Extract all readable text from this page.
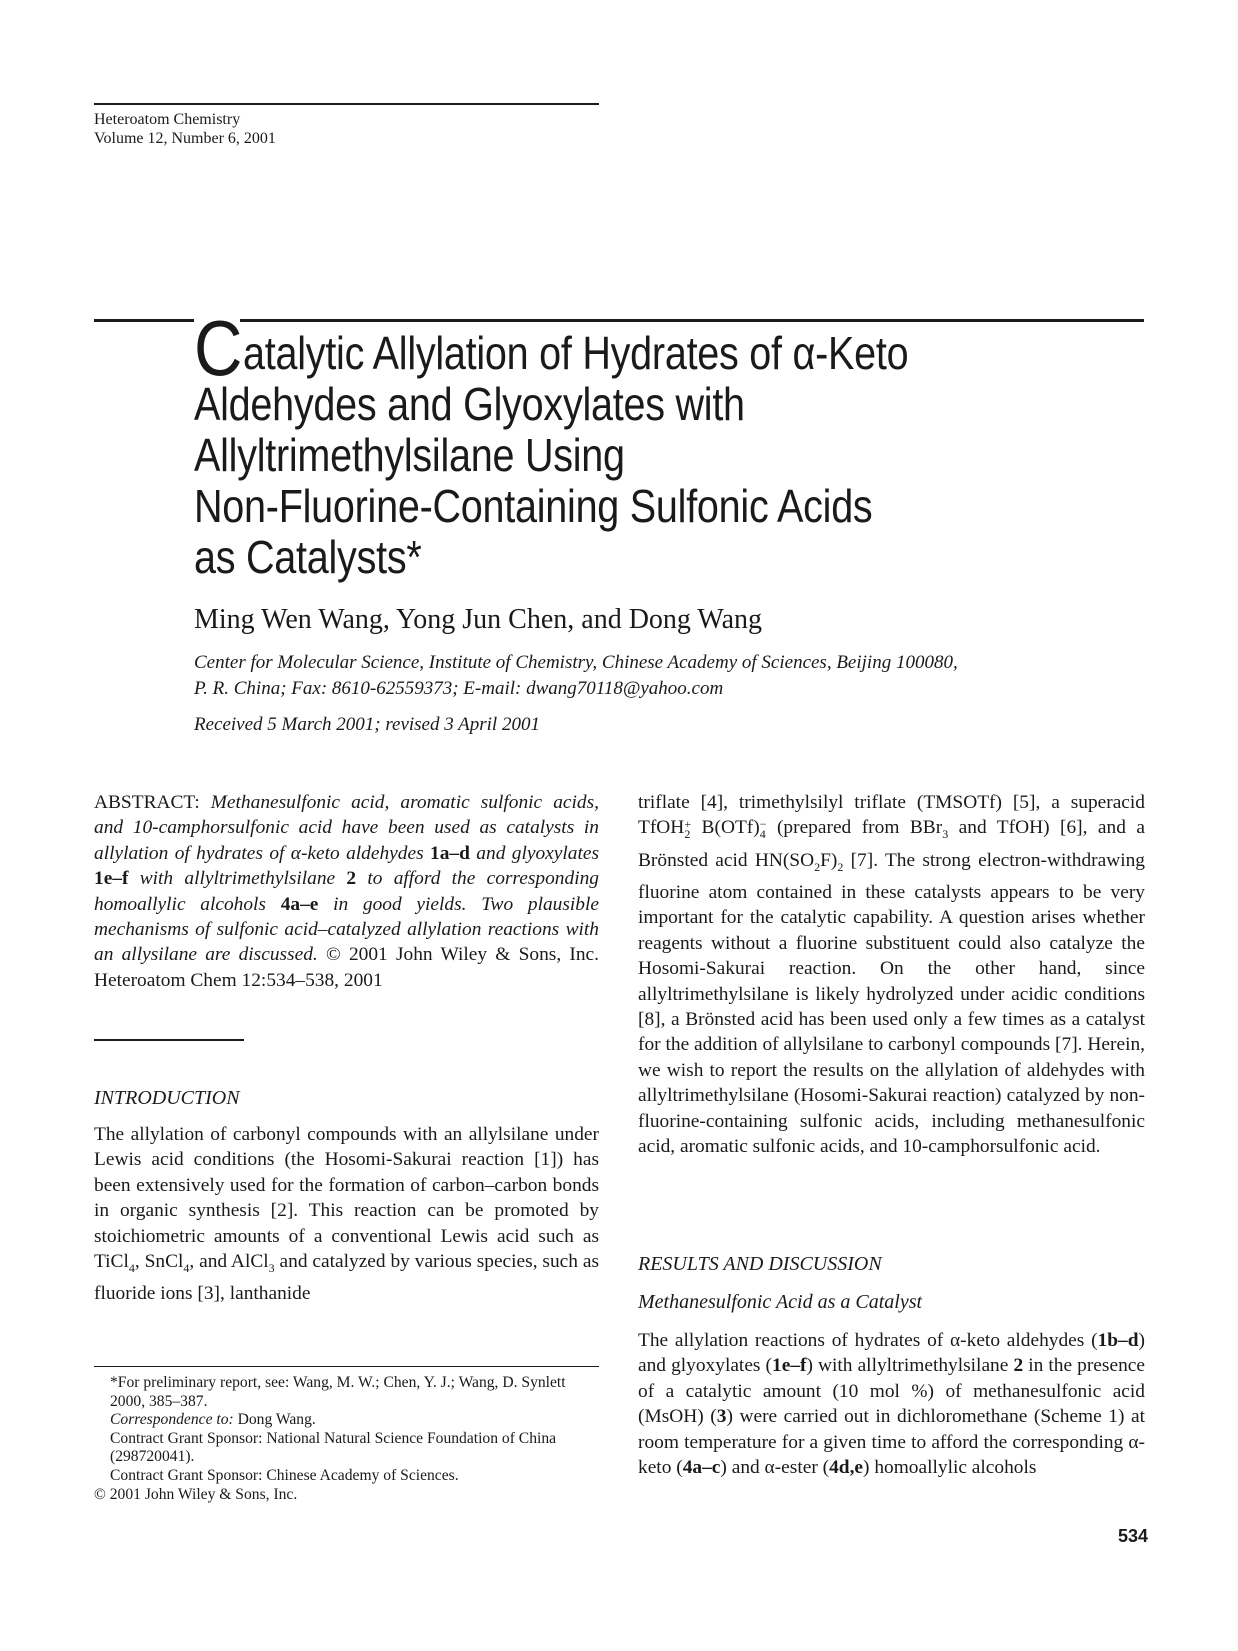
Heteroatom Chemistry
Volume 12, Number 6, 2001
Catalytic Allylation of Hydrates of α-Keto
Aldehydes and Glyoxylates with
Allyltrimethylsilane Using
Non-Fluorine-Containing Sulfonic Acids
as Catalysts*
Ming Wen Wang, Yong Jun Chen, and Dong Wang
Center for Molecular Science, Institute of Chemistry, Chinese Academy of Sciences, Beijing 100080,
P. R. China; Fax: 8610-62559373; E-mail: dwang70118@yahoo.com
Received 5 March 2001; revised 3 April 2001

ABSTRACT: Methanesulfonic acid, aromatic sulfonic acids, and 10-camphorsulfonic acid have been used as catalysts in allylation of hydrates of α-keto aldehydes 1a–d and glyoxylates 1e–f with allyltrimethylsilane 2 to afford the corresponding homoallylic alcohols 4a–e in good yields. Two plausible mechanisms of sulfonic acid–catalyzed allylation reactions with an allysilane are discussed. © 2001 John Wiley & Sons, Inc. Heteroatom Chem 12:534–538, 2001

INTRODUCTION

The allylation of carbonyl compounds with an allylsilane under Lewis acid conditions (the Hosomi-Sakurai reaction [1]) has been extensively used for the formation of carbon–carbon bonds in organic synthesis [2]. This reaction can be promoted by stoichiometric amounts of a conventional Lewis acid such as TiCl$_4$, SnCl$_4$, and AlCl$_3$ and catalyzed by various species, such as fluoride ions [3], lanthanide

triflate [4], trimethylsilyl triflate (TMSOTf) [5], a superacid TfOH +
2 B(OTf) −
4 (prepared from BBr$_3$ and TfOH) [6], and a Brönsted acid $HN(SO_2F)_2$ [7]. The strong electron-withdrawing fluorine atom contained in these catalysts appears to be very important for the catalytic capability. A question arises whether reagents without a fluorine substituent could also catalyze the Hosomi-Sakurai reaction. On the other hand, since allyltrimethylsilane is likely hydrolyzed under acidic conditions [8], a Brönsted acid has been used only a few times as a catalyst for the addition of allylsilane to carbonyl compounds [7]. Herein, we wish to report the results on the allylation of aldehydes with allyltrimethylsilane (Hosomi-Sakurai reaction) catalyzed by non-fluorine-containing sulfonic acids, including methanesulfonic acid, aromatic sulfonic acids, and 10-camphorsulfonic acid.

RESULTS AND DISCUSSION
Methanesulfonic Acid as a Catalyst

The allylation reactions of hydrates of α-keto aldehydes (1b–d) and glyoxylates (1e–f) with allyltrimethylsilane 2 in the presence of a catalytic amount (10 mol %) of methanesulfonic acid (MsOH) (3) were carried out in dichloromethane (Scheme 1) at room temperature for a given time to afford the corresponding α-keto (4a–c) and α-ester (4d,e) homoallylic alcohols

*For preliminary report, see: Wang, M. W.; Chen, Y. J.; Wang, D. Synlett 2000, 385–387.
Correspondence to: Dong Wang.
Contract Grant Sponsor: National Natural Science Foundation of China (298720041).
Contract Grant Sponsor: Chinese Academy of Sciences.
© 2001 John Wiley & Sons, Inc.
534
